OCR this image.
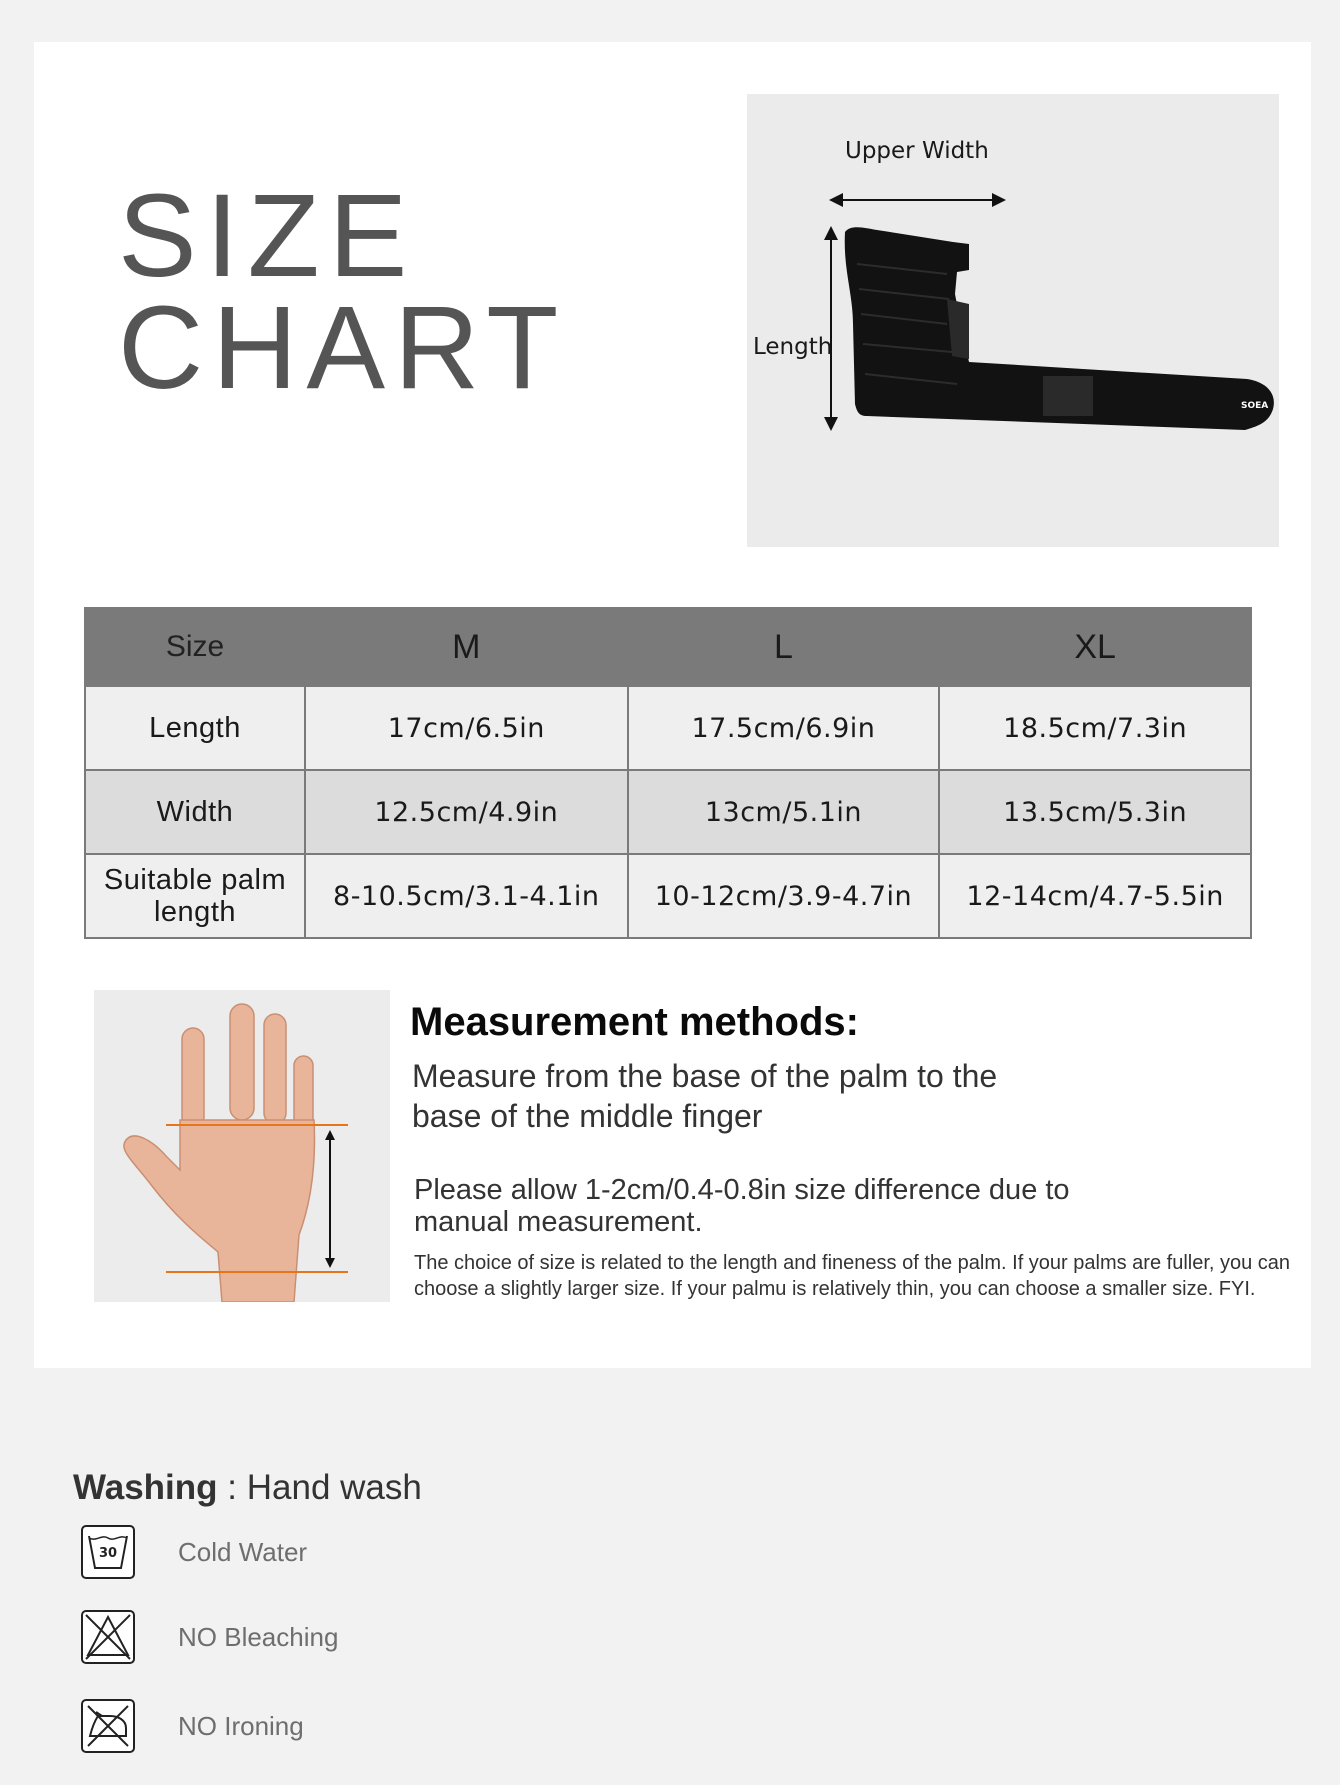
SIZE
CHART	SOEA
Upper Width
Length
Size	M	L	XL
Length	17cm/6.5in	17.5cm/6.9in	18.5cm/7.3in
Width	12.5cm/4.9in	13cm/5.1in	13.5cm/5.3in
Suitable palm length	8-10.5cm/3.1-4.1in	10-12cm/3.9-4.7in	12-14cm/4.7-5.5in
Measurement methods:
Measure from the base of the palm to the base of the middle finger
Please allow 1-2cm/0.4-0.8in size difference due to manual measurement.
The choice of size is related to the length and fineness of the palm. If your palms are fuller, you can choose a slightly larger size. If your palmu is relatively thin, you can choose a smaller size. FYI.
Washing : Hand wash
30 Cold Water
NO Bleaching
NO Ironing
